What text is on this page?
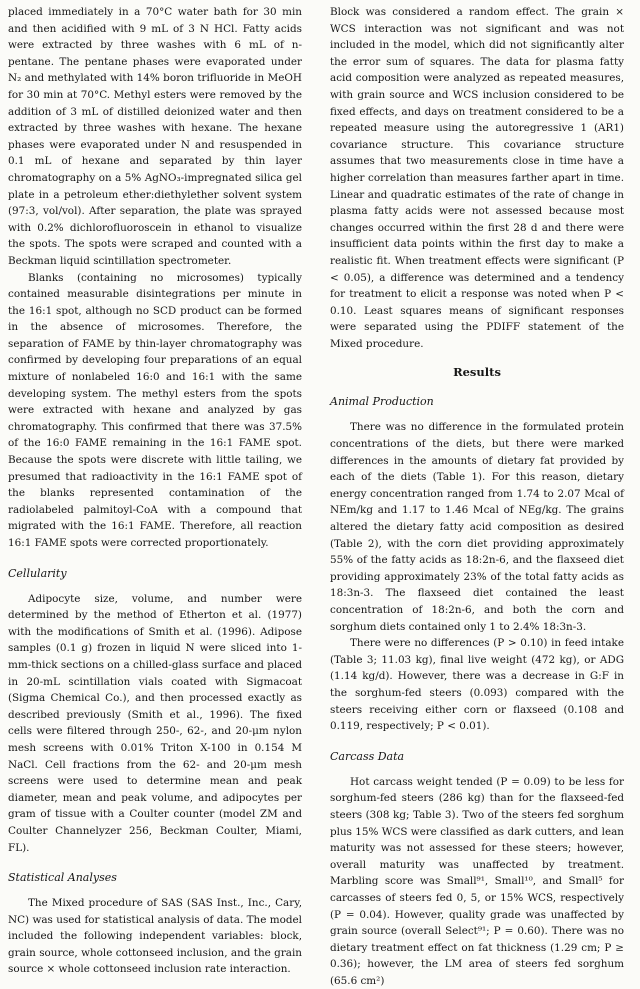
placed immediately in a 70°C water bath for 30 min and then acidified with 9 mL of 3 N HCl. Fatty acids were extracted by three washes with 6 mL of n-pentane. The pentane phases were evaporated under N₂ and methylated with 14% boron trifluoride in MeOH for 30 min at 70°C. Methyl esters were removed by the addition of 3 mL of distilled deionized water and then extracted by three washes with hexane. The hexane phases were evaporated under N and resuspended in 0.1 mL of hexane and separated by thin layer chromatography on a 5% AgNO₃-impregnated silica gel plate in a petroleum ether:diethylether solvent system (97:3, vol/vol). After separation, the plate was sprayed with 0.2% dichlorofluoroscein in ethanol to visualize the spots. The spots were scraped and counted with a Beckman liquid scintillation spectrometer.

Blanks (containing no microsomes) typically contained measurable disintegrations per minute in the 16:1 spot, although no SCD product can be formed in the absence of microsomes. Therefore, the separation of FAME by thin-layer chromatography was confirmed by developing four preparations of an equal mixture of nonlabeled 16:0 and 16:1 with the same developing system. The methyl esters from the spots were extracted with hexane and analyzed by gas chromatography. This confirmed that there was 37.5% of the 16:0 FAME remaining in the 16:1 FAME spot. Because the spots were discrete with little tailing, we presumed that radioactivity in the 16:1 FAME spot of the blanks represented contamination of the radiolabeled palmitoyl-CoA with a compound that migrated with the 16:1 FAME. Therefore, all reaction 16:1 FAME spots were corrected proportionately.

Cellularity

Adipocyte size, volume, and number were determined by the method of Etherton et al. (1977) with the modifications of Smith et al. (1996). Adipose samples (0.1 g) frozen in liquid N were sliced into 1-mm-thick sections on a chilled-glass surface and placed in 20-mL scintillation vials coated with Sigmacoat (Sigma Chemical Co.), and then processed exactly as described previously (Smith et al., 1996). The fixed cells were filtered through 250-, 62-, and 20-μm nylon mesh screens with 0.01% Triton X-100 in 0.154 M NaCl. Cell fractions from the 62- and 20-μm mesh screens were used to determine mean and peak diameter, mean and peak volume, and adipocytes per gram of tissue with a Coulter counter (model ZM and Coulter Channelyzer 256, Beckman Coulter, Miami, FL).

Statistical Analyses

The Mixed procedure of SAS (SAS Inst., Inc., Cary, NC) was used for statistical analysis of data. The model included the following independent variables: block, grain source, whole cottonseed inclusion, and the grain source × whole cottonseed inclusion rate interaction.

Block was considered a random effect. The grain × WCS interaction was not significant and was not included in the model, which did not significantly alter the error sum of squares. The data for plasma fatty acid composition were analyzed as repeated measures, with grain source and WCS inclusion considered to be fixed effects, and days on treatment considered to be a repeated measure using the autoregressive 1 (AR1) covariance structure. This covariance structure assumes that two measurements close in time have a higher correlation than measures farther apart in time. Linear and quadratic estimates of the rate of change in plasma fatty acids were not assessed because most changes occurred within the first 28 d and there were insufficient data points within the first day to make a realistic fit. When treatment effects were significant (P < 0.05), a difference was determined and a tendency for treatment to elicit a response was noted when P < 0.10. Least squares means of significant responses were separated using the PDIFF statement of the Mixed procedure.

Results
Animal Production

There was no difference in the formulated protein concentrations of the diets, but there were marked differences in the amounts of dietary fat provided by each of the diets (Table 1). For this reason, dietary energy concentration ranged from 1.74 to 2.07 Mcal of NEm/kg and 1.17 to 1.46 Mcal of NEg/kg. The grains altered the dietary fatty acid composition as desired (Table 2), with the corn diet providing approximately 55% of the fatty acids as 18:2n-6, and the flaxseed diet providing approximately 23% of the total fatty acids as 18:3n-3. The flaxseed diet contained the least concentration of 18:2n-6, and both the corn and sorghum diets contained only 1 to 2.4% 18:3n-3.

There were no differences (P > 0.10) in feed intake (Table 3; 11.03 kg), final live weight (472 kg), or ADG (1.14 kg/d). However, there was a decrease in G:F in the sorghum-fed steers (0.093) compared with the steers receiving either corn or flaxseed (0.108 and 0.119, respectively; P < 0.01).

Carcass Data

Hot carcass weight tended (P = 0.09) to be less for sorghum-fed steers (286 kg) than for the flaxseed-fed steers (308 kg; Table 3). Two of the steers fed sorghum plus 15% WCS were classified as dark cutters, and lean maturity was not assessed for these steers; however, overall maturity was unaffected by treatment. Marbling score was Small⁹¹, Small¹⁰, and Small⁵ for carcasses of steers fed 0, 5, or 15% WCS, respectively (P = 0.04). However, quality grade was unaffected by grain source (overall Select⁹¹; P = 0.60). There was no dietary treatment effect on fat thickness (1.29 cm; P ≥ 0.36); however, the LM area of steers fed sorghum (65.6 cm²)
